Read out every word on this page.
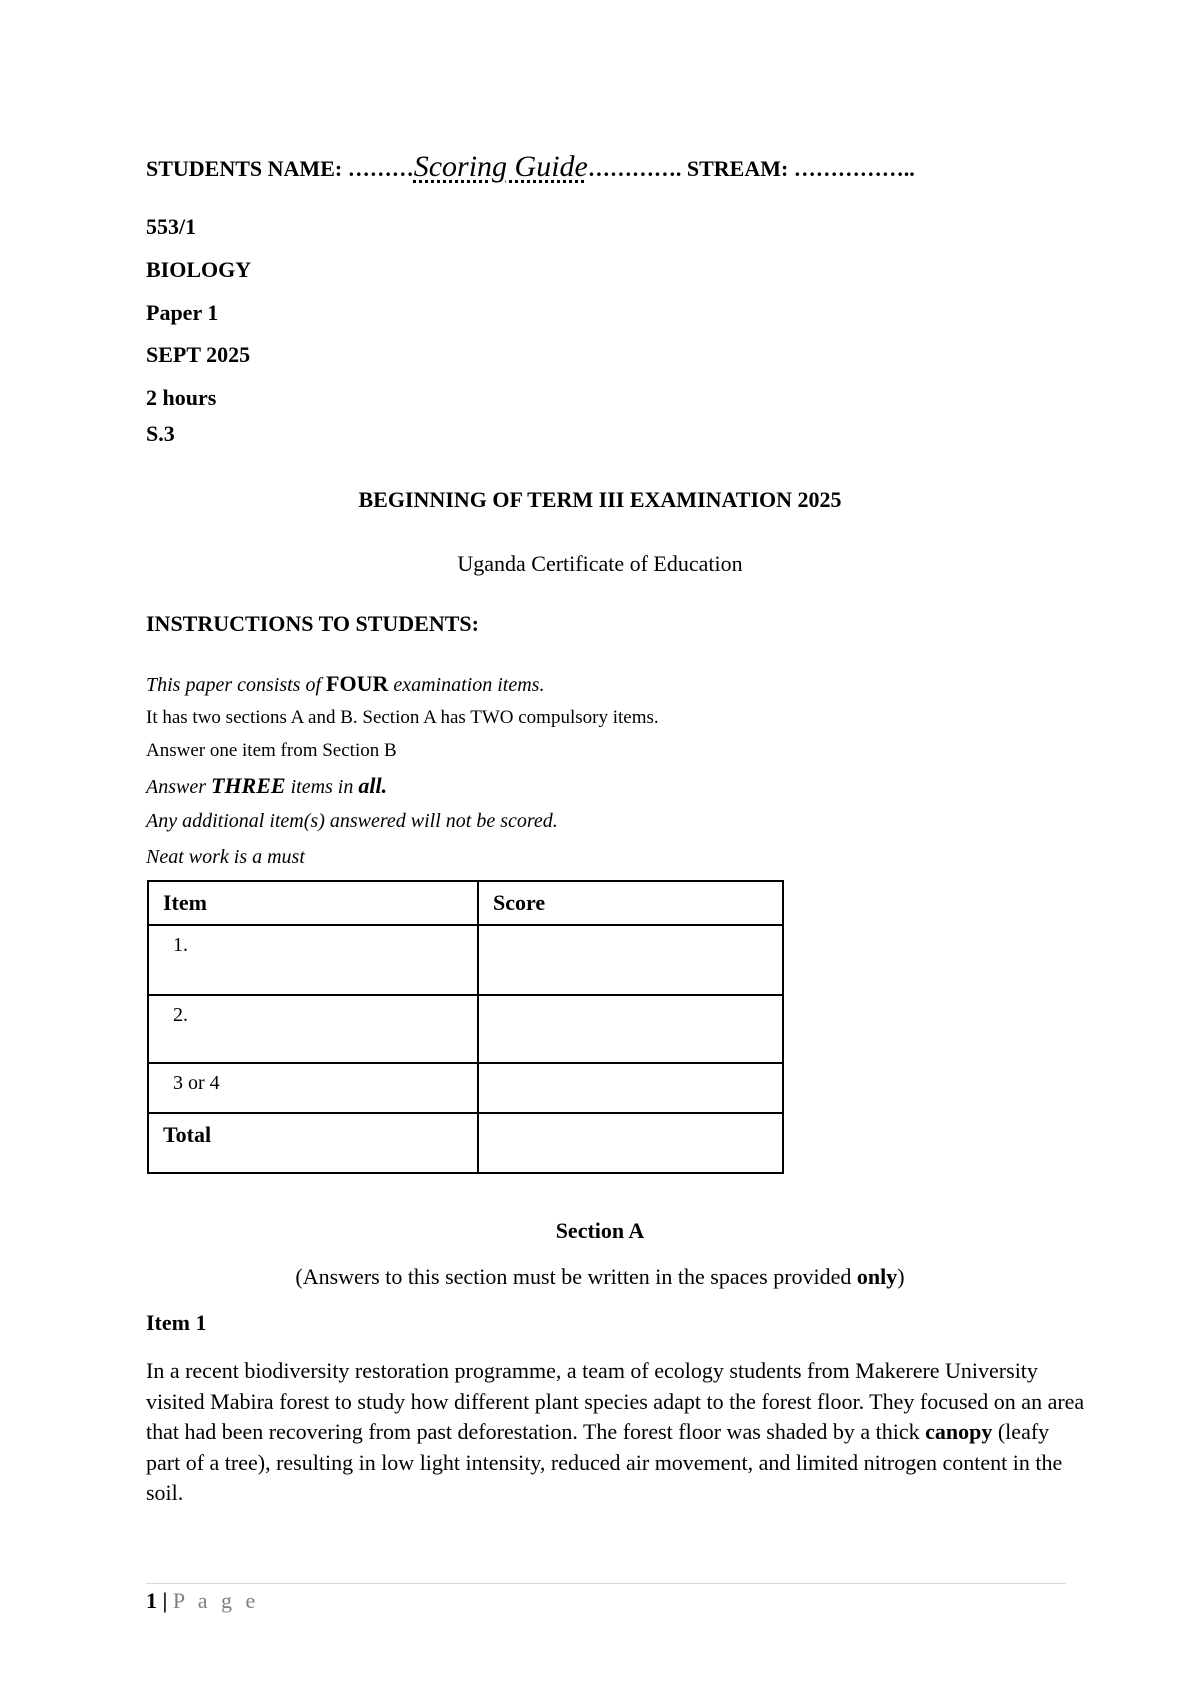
STUDENTS NAME: ………Scoring Guide…………. STREAM: ……………..
553/1
BIOLOGY
Paper 1
SEPT 2025
2 hours
S.3
BEGINNING OF TERM III EXAMINATION 2025
Uganda Certificate of Education
INSTRUCTIONS TO STUDENTS:
This paper consists of FOUR examination items.
It has two sections A and B. Section A has TWO compulsory items.
Answer one item from Section B
Answer THREE items in all.
Any additional item(s) answered will not be scored.
Neat work is a must
Item	Score
1.	
2.	
3 or 4	
Total	
Section A
(Answers to this section must be written in the spaces provided only)
Item 1
In a recent biodiversity restoration programme, a team of ecology students from Makerere University visited Mabira forest to study how different plant species adapt to the forest floor. They focused on an area that had been recovering from past deforestation. The forest floor was shaded by a thick canopy (leafy part of a tree), resulting in low light intensity, reduced air movement, and limited nitrogen content in the soil.
1 | P a g e
